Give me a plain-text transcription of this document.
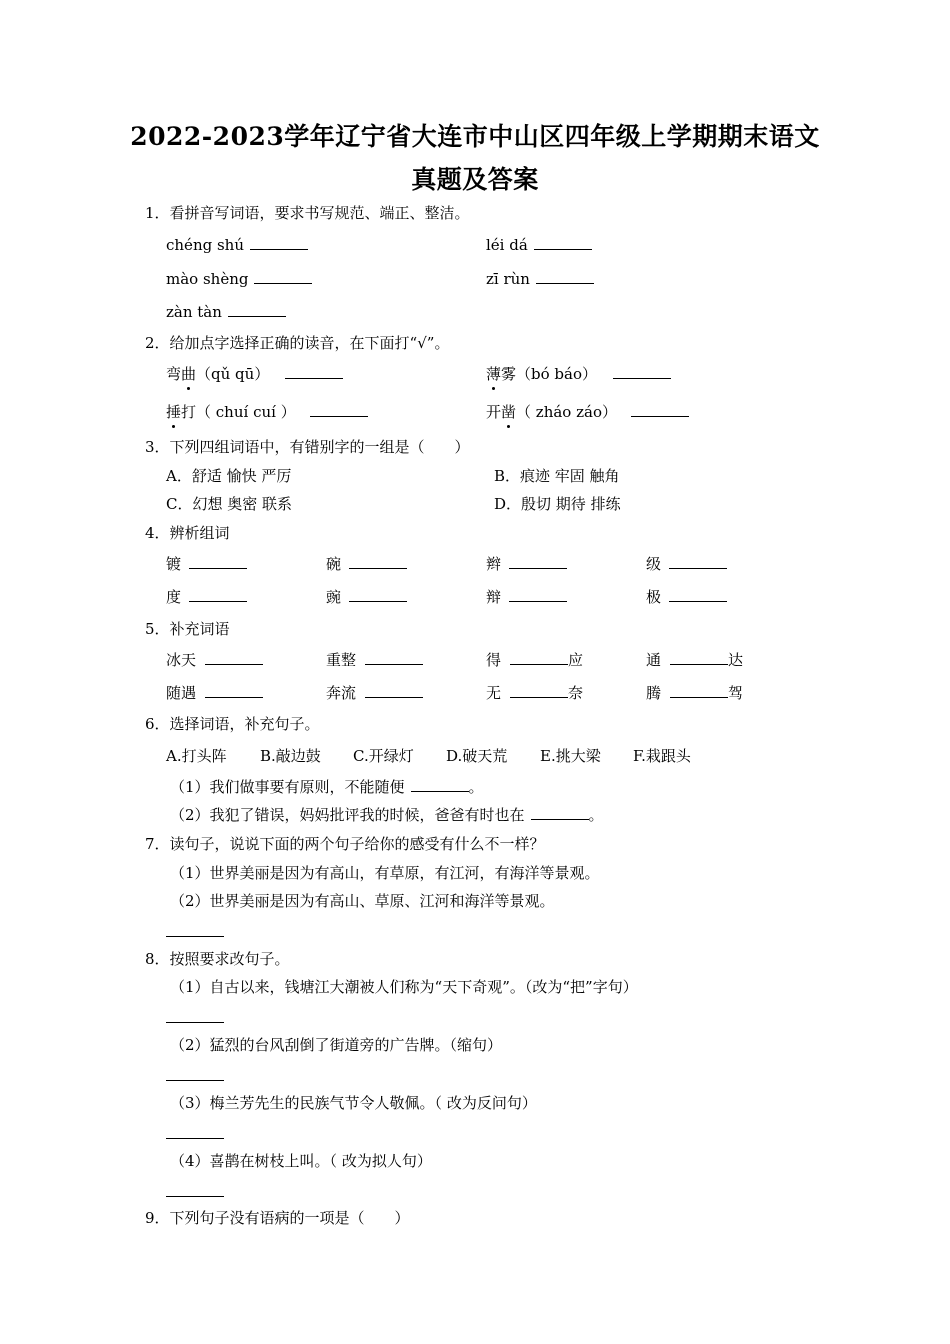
2022-2023学年辽宁省大连市中山区四年级上学期期末语文
真题及答案
1．看拼音写词语，要求书写规范、端正、整洁。
chéng shú	léi dá
mào shèng	zī rùn
zàn tàn
2．给加点字选择正确的读音，在下面打“√”。
弯曲（qǔ qū）	薄雾（bó báo）
捶打（ chuí cuí ）	开凿（ zháo záo）
3．下列四组词语中，有错别字的一组是（　　）
A．舒适 愉快 严厉	B．痕迹 牢固 触角
C．幻想 奥密 联系	D．殷切 期待 排练
4．辨析组词
镀	碗	辫	级
度	豌	辩	极
5．补充词语
冰天	重整	得	应	通	达
随遇	奔流	无	奈	腾	驾
6．选择词语，补充句子。
A.打头阵 B.敲边鼓 C.开绿灯 D.破天荒 E.挑大梁 F.栽跟头
（1）我们做事要有原则，不能随便	。
（2）我犯了错误，妈妈批评我的时候，爸爸有时也在	。
7．读句子，说说下面的两个句子给你的感受有什么不一样？
（1）世界美丽是因为有高山，有草原，有江河，有海洋等景观。
（2）世界美丽是因为有高山、草原、江河和海洋等景观。
8．按照要求改句子。
（1）自古以来，钱塘江大潮被人们称为“天下奇观”。（改为“把”字句）
（2）猛烈的台风刮倒了街道旁的广告牌。（缩句）
（3）梅兰芳先生的民族气节令人敬佩。（ 改为反问句）
（4）喜鹊在树枝上叫。（ 改为拟人句）
9．下列句子没有语病的一项是（　　）
